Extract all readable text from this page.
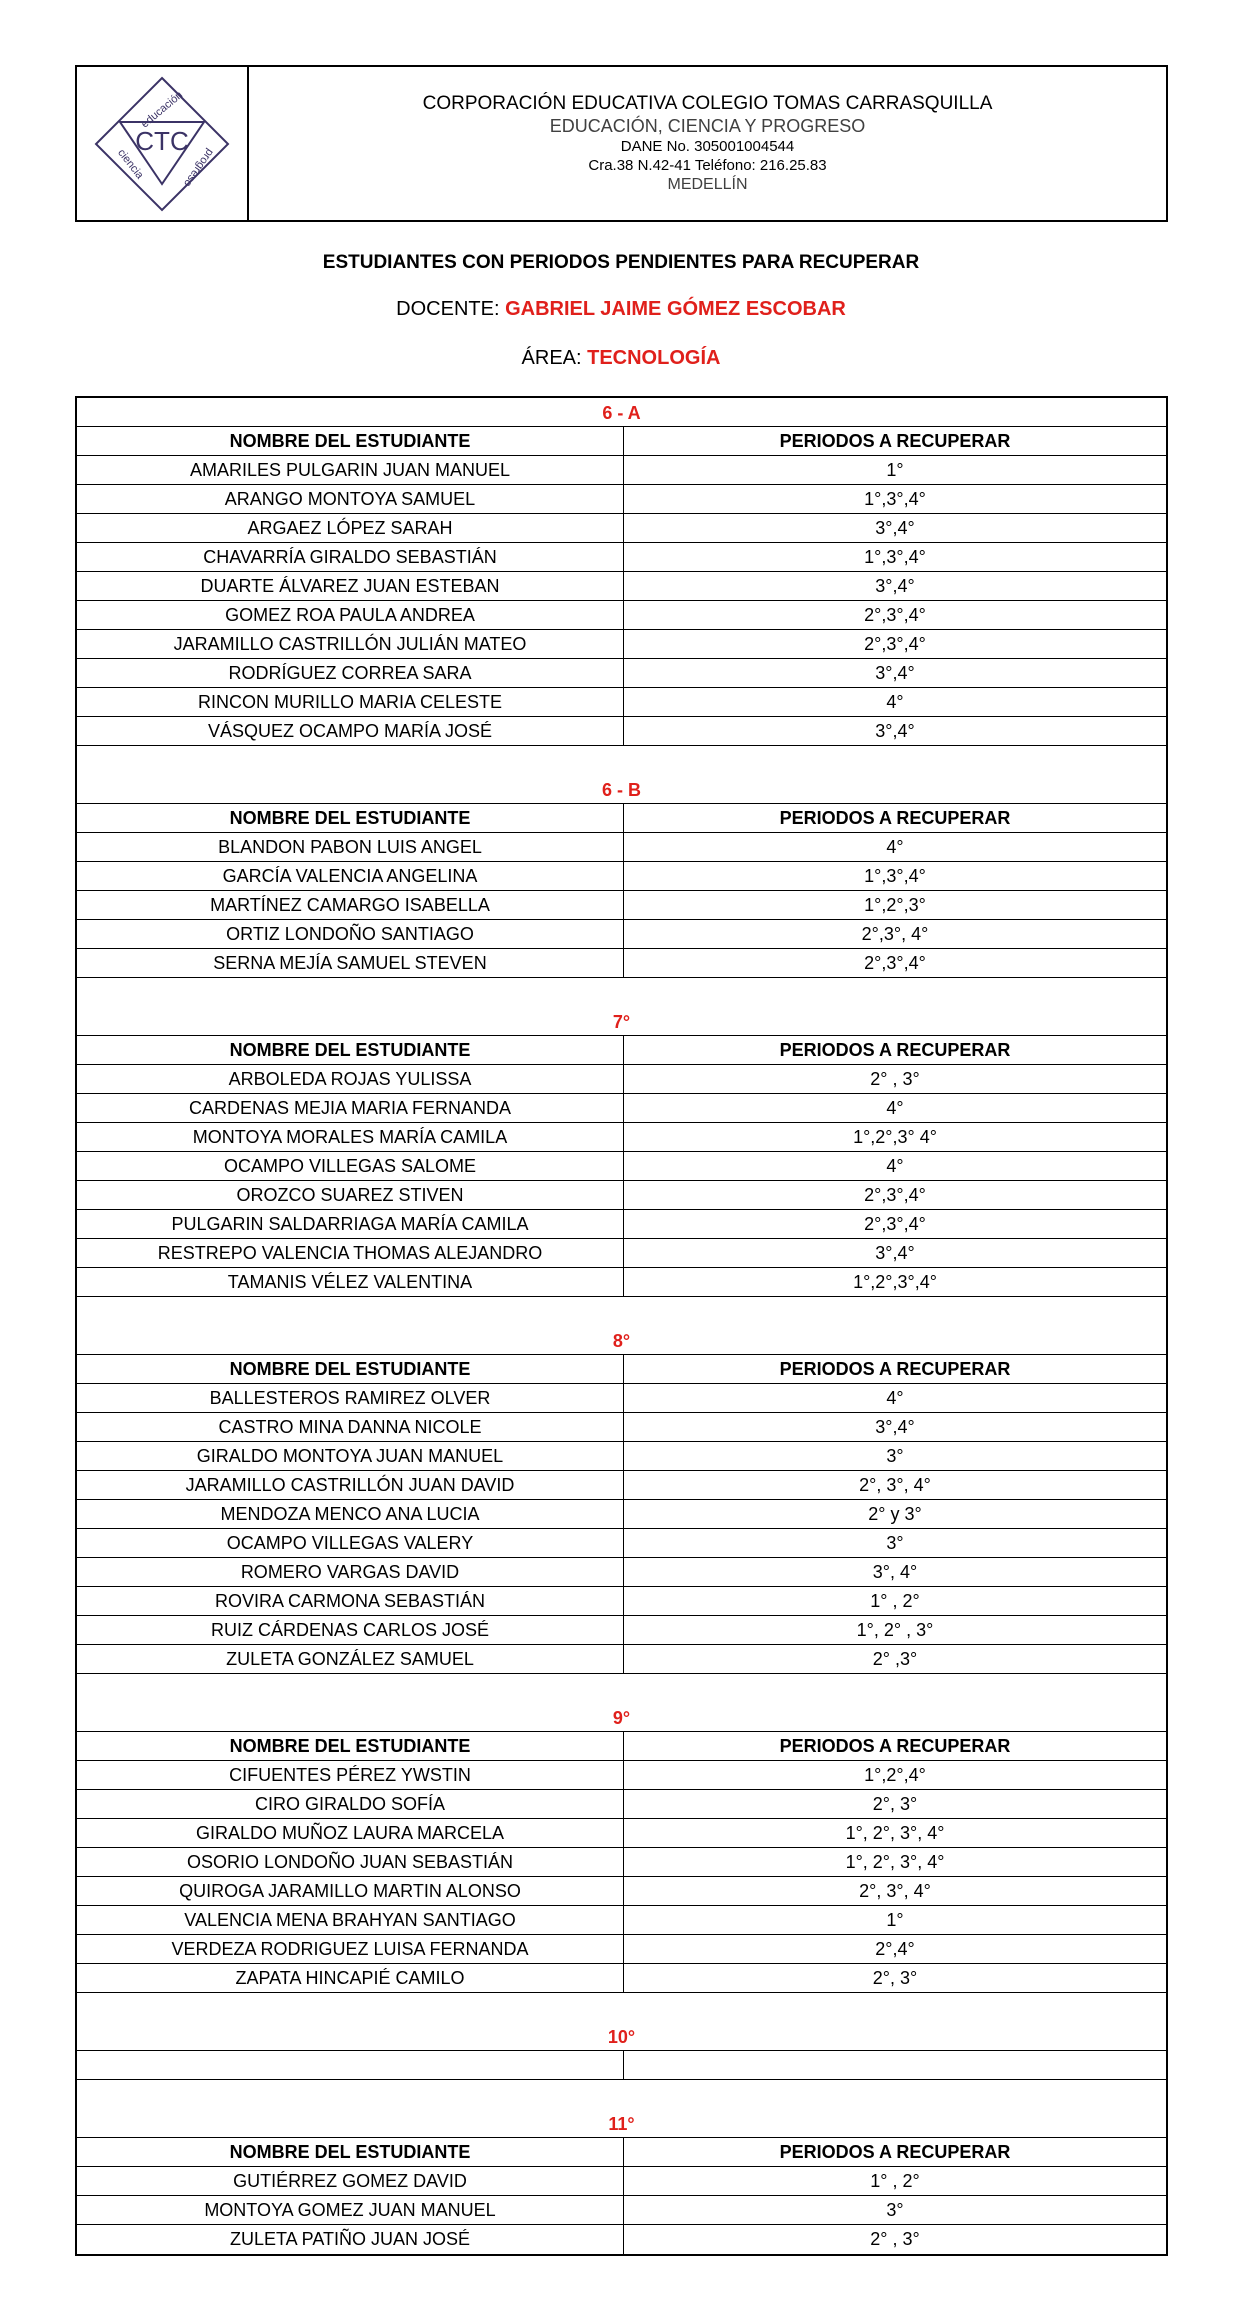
CTC
educación
ciencia	progreso
CORPORACIÓN EDUCATIVA COLEGIO TOMAS CARRASQUILLA
EDUCACIÓN, CIENCIA Y PROGRESO
DANE No. 305001004544
Cra.38 N.42-41 Teléfono: 216.25.83
MEDELLÍN
ESTUDIANTES CON PERIODOS PENDIENTES PARA RECUPERAR
DOCENTE: GABRIEL JAIME GÓMEZ ESCOBAR
ÁREA: TECNOLOGÍA
6 - A
NOMBRE DEL ESTUDIANTE	PERIODOS A RECUPERAR
AMARILES PULGARIN JUAN MANUEL	1°
ARANGO MONTOYA SAMUEL	1°,3°,4°
ARGAEZ LÓPEZ SARAH	3°,4°
CHAVARRÍA GIRALDO SEBASTIÁN	1°,3°,4°
DUARTE ÁLVAREZ JUAN ESTEBAN	3°,4°
GOMEZ ROA PAULA ANDREA	2°,3°,4°
JARAMILLO CASTRILLÓN JULIÁN MATEO	2°,3°,4°
RODRÍGUEZ CORREA SARA	3°,4°
RINCON MURILLO MARIA CELESTE	4°
VÁSQUEZ OCAMPO MARÍA JOSÉ	3°,4°
6 - B
NOMBRE DEL ESTUDIANTE	PERIODOS A RECUPERAR
BLANDON PABON LUIS ANGEL	4°
GARCÍA VALENCIA ANGELINA	1°,3°,4°
MARTÍNEZ CAMARGO ISABELLA	1°,2°,3°
ORTIZ LONDOÑO SANTIAGO	2°,3°, 4°
SERNA MEJÍA SAMUEL STEVEN	2°,3°,4°
7°
NOMBRE DEL ESTUDIANTE	PERIODOS A RECUPERAR
ARBOLEDA ROJAS YULISSA	2° , 3°
CARDENAS MEJIA MARIA FERNANDA	4°
MONTOYA MORALES MARÍA CAMILA	1°,2°,3° 4°
OCAMPO VILLEGAS SALOME	4°
OROZCO SUAREZ STIVEN	2°,3°,4°
PULGARIN SALDARRIAGA MARÍA CAMILA	2°,3°,4°
RESTREPO VALENCIA THOMAS ALEJANDRO	3°,4°
TAMANIS VÉLEZ VALENTINA	1°,2°,3°,4°
8°
NOMBRE DEL ESTUDIANTE	PERIODOS A RECUPERAR
BALLESTEROS RAMIREZ OLVER	4°
CASTRO MINA DANNA NICOLE	3°,4°
GIRALDO MONTOYA JUAN MANUEL	3°
JARAMILLO CASTRILLÓN JUAN DAVID	2°, 3°, 4°
MENDOZA MENCO ANA LUCIA	2° y 3°
OCAMPO VILLEGAS VALERY	3°
ROMERO VARGAS DAVID	3°, 4°
ROVIRA CARMONA SEBASTIÁN	1° , 2°
RUIZ CÁRDENAS CARLOS JOSÉ	1°, 2° , 3°
ZULETA GONZÁLEZ SAMUEL	2° ,3°
9°
NOMBRE DEL ESTUDIANTE	PERIODOS A RECUPERAR
CIFUENTES PÉREZ YWSTIN	1°,2°,4°
CIRO GIRALDO SOFÍA	2°, 3°
GIRALDO MUÑOZ LAURA MARCELA	1°, 2°, 3°, 4°
OSORIO LONDOÑO JUAN SEBASTIÁN	1°, 2°, 3°, 4°
QUIROGA JARAMILLO MARTIN ALONSO	2°, 3°, 4°
VALENCIA MENA BRAHYAN SANTIAGO	1°
VERDEZA RODRIGUEZ LUISA FERNANDA	2°,4°
ZAPATA HINCAPIÉ CAMILO	2°, 3°
10°
11°
NOMBRE DEL ESTUDIANTE	PERIODOS A RECUPERAR
GUTIÉRREZ GOMEZ DAVID	1° , 2°
MONTOYA GOMEZ JUAN MANUEL	3°
ZULETA PATIÑO JUAN JOSÉ	2° , 3°
